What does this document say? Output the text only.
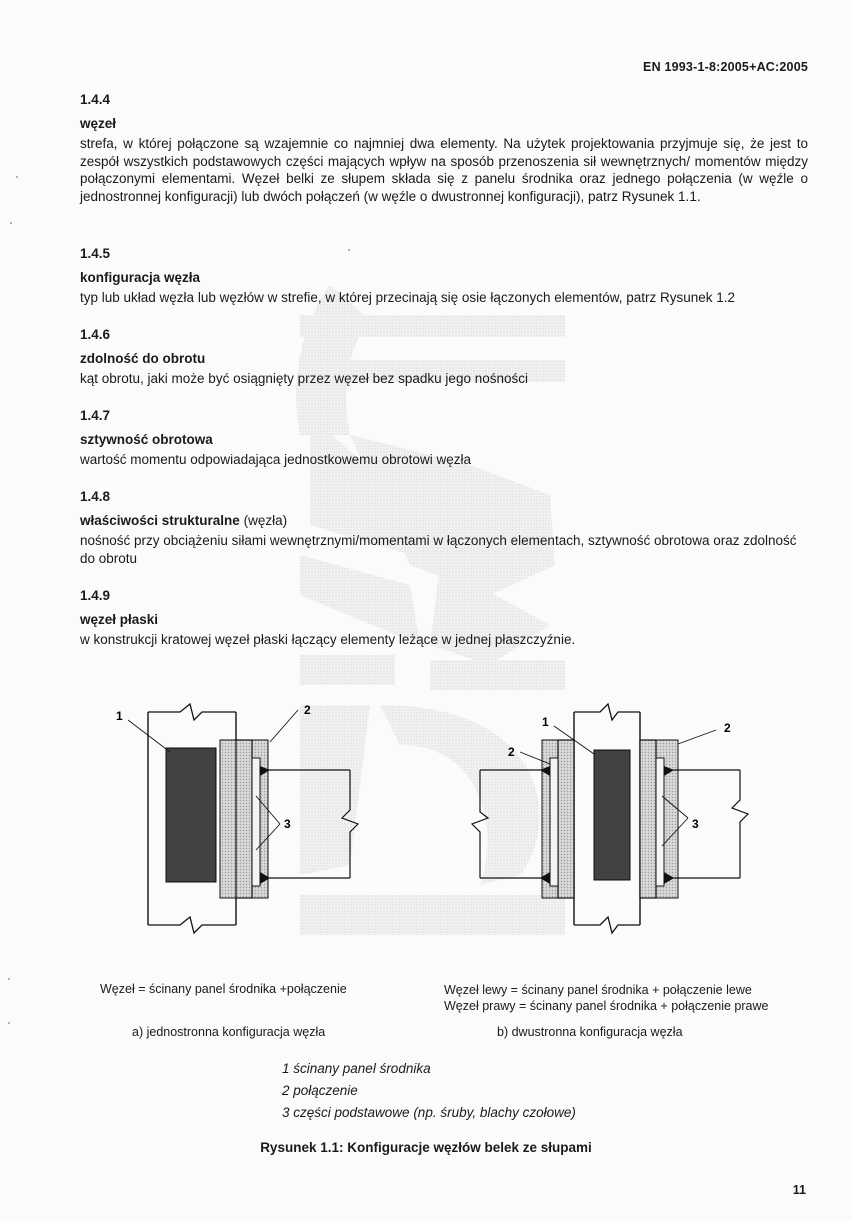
EN 1993-1-8:2005+AC:2005
1.4.4
węzeł

strefa, w której połączone są wzajemnie co najmniej dwa elementy. Na użytek projektowania przyjmuje się, że jest to zespół wszystkich podstawowych części mających wpływ na sposób przenoszenia sił wewnętrznych/ momentów między połączonymi elementami. Węzeł belki ze słupem składa się z panelu środnika oraz jednego połączenia (w węźle o jednostronnej konfiguracji) lub dwóch połączeń (w węźle o dwustronnej konfiguracji), patrz Rysunek 1.1.

1.4.5
konfiguracja węzła

typ lub układ węzła lub węzłów w strefie, w której przecinają się osie łączonych elementów, patrz Rysunek 1.2

1.4.6
zdolność do obrotu

kąt obrotu, jaki może być osiągnięty przez węzeł bez spadku jego nośności

1.4.7
sztywność obrotowa

wartość momentu odpowiadająca jednostkowemu obrotowi węzła

1.4.8
właściwości strukturalne (węzła)

nośność przy obciążeniu siłami wewnętrznymi/momentami w łączonych elementach, sztywność obrotowa oraz zdolność do obrotu

1.4.9
węzeł płaski

w konstrukcji kratowej węzeł płaski łączący elementy leżące w jednej płaszczyźnie.

1	2
3
1
2
2
3
Węzeł = ścinany panel środnika +połączenie	Węzeł lewy = ścinany panel środnika + połączenie lewe
Węzeł prawy = ścinany panel środnika + połączenie prawe
a) jednostronna konfiguracja węzła	b) dwustronna konfiguracja węzła
1 ścinany panel środnika
2 połączenie
3 części podstawowe (np. śruby, blachy czołowe)
Rysunek 1.1: Konfiguracje węzłów belek ze słupami
11
